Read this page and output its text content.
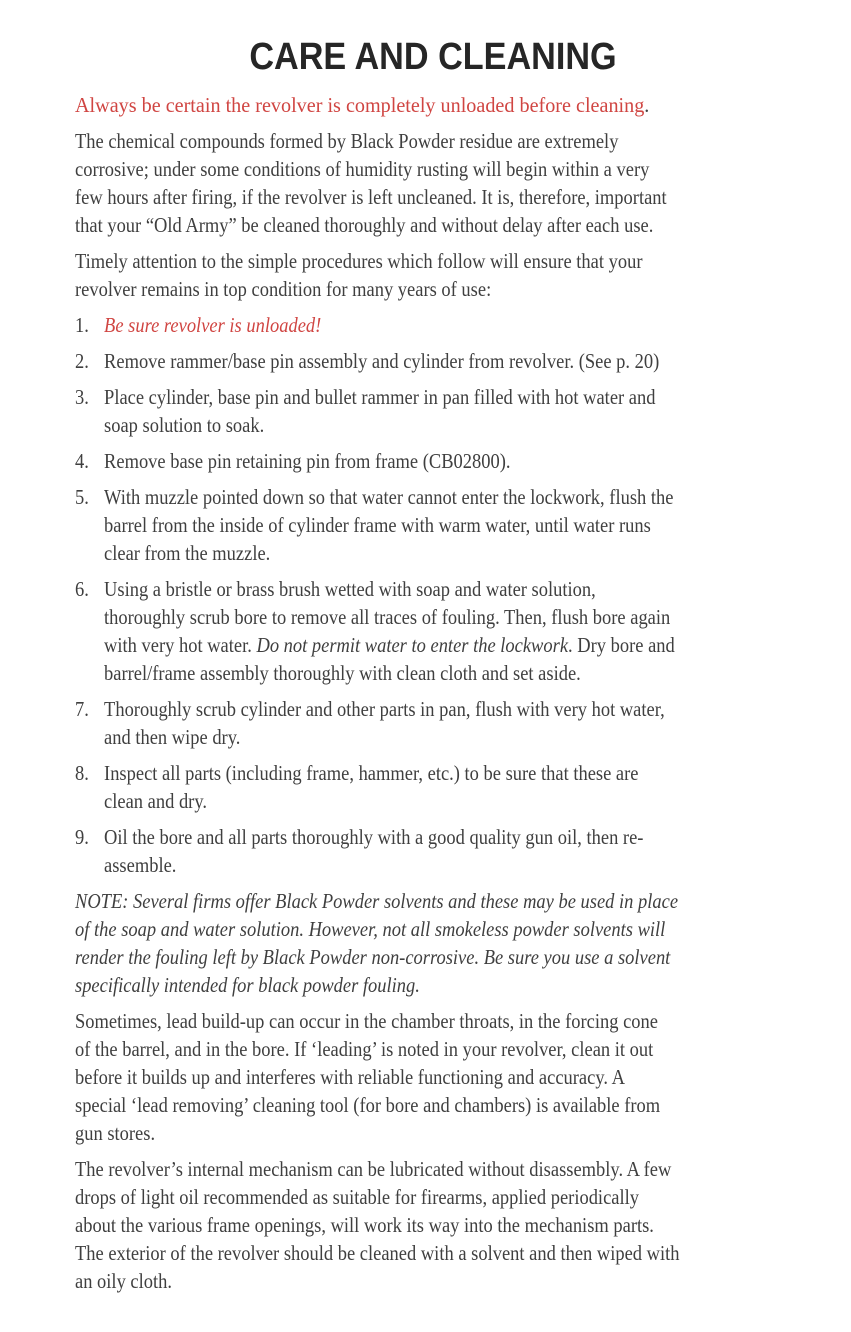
CARE AND CLEANING

Always be certain the revolver is completely unloaded before cleaning.

The chemical compounds formed by Black Powder residue are extremely
corrosive; under some conditions of humidity rusting will begin within a very
few hours after firing, if the revolver is left uncleaned. It is, therefore, important
that your “Old Army” be cleaned thoroughly and without delay after each use.
Timely attention to the simple procedures which follow will ensure that your
revolver remains in top condition for many years of use:
1. Be sure revolver is unloaded!
2. Remove rammer/base pin assembly and cylinder from revolver. (See p. 20)
3. Place cylinder, base pin and bullet rammer in pan filled with hot water and
soap solution to soak.
4. Remove base pin retaining pin from frame (CB02800).
5. With muzzle pointed down so that water cannot enter the lockwork, flush the
barrel from the inside of cylinder frame with warm water, until water runs
clear from the muzzle.
6. Using a bristle or brass brush wetted with soap and water solution,
thoroughly scrub bore to remove all traces of fouling. Then, flush bore again
with very hot water. Do not permit water to enter the lockwork. Dry bore and
barrel/frame assembly thoroughly with clean cloth and set aside.
7. Thoroughly scrub cylinder and other parts in pan, flush with very hot water,
and then wipe dry.
8. Inspect all parts (including frame, hammer, etc.) to be sure that these are
clean and dry.
9. Oil the bore and all parts thoroughly with a good quality gun oil, then re-
assemble.
NOTE: Several firms offer Black Powder solvents and these may be used in place
of the soap and water solution. However, not all smokeless powder solvents will
render the fouling left by Black Powder non-corrosive. Be sure you use a solvent
specifically intended for black powder fouling.
Sometimes, lead build-up can occur in the chamber throats, in the forcing cone
of the barrel, and in the bore. If ‘leading’ is noted in your revolver, clean it out
before it builds up and interferes with reliable functioning and accuracy. A
special ‘lead removing’ cleaning tool (for bore and chambers) is available from
gun stores.
The revolver’s internal mechanism can be lubricated without disassembly. A few
drops of light oil recommended as suitable for firearms, applied periodically
about the various frame openings, will work its way into the mechanism parts.
The exterior of the revolver should be cleaned with a solvent and then wiped with
an oily cloth.
